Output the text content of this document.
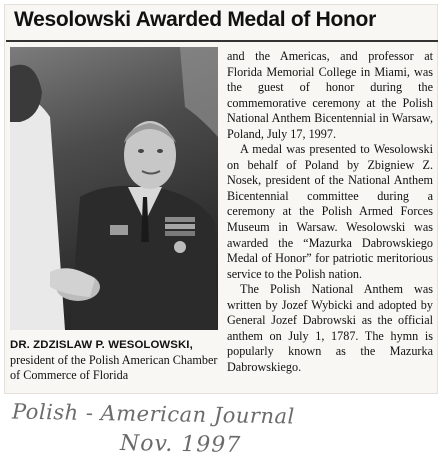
Wesolowski Awarded Medal of Honor
DR. ZDZISLAW P. WESOLOWSKI, president of the Polish American Chamber of Commerce of Florida

and the Americas, and professor at Florida Memorial College in Miami, was the guest of honor during the commemorative ceremony at the Polish National Anthem Bicentennial in Warsaw, Poland, July 17, 1997.

A medal was presented to Wesolowski on behalf of Poland by Zbigniew Z. Nosek, president of the National Anthem Bicentennial committee during a ceremony at the Polish Armed Forces Museum in Warsaw. Wesolowski was awarded the “Mazurka Dabrowskiego Medal of Honor” for patriotic meritorious service to the Polish nation.

The Polish National Anthem was written by Jozef Wybicki and adopted by General Jozef Dabrowski as the official anthem on July 1, 1787. The hymn is popularly known as the Mazurka Dabrowskiego.

Polish - American Journal
Nov. 1997
